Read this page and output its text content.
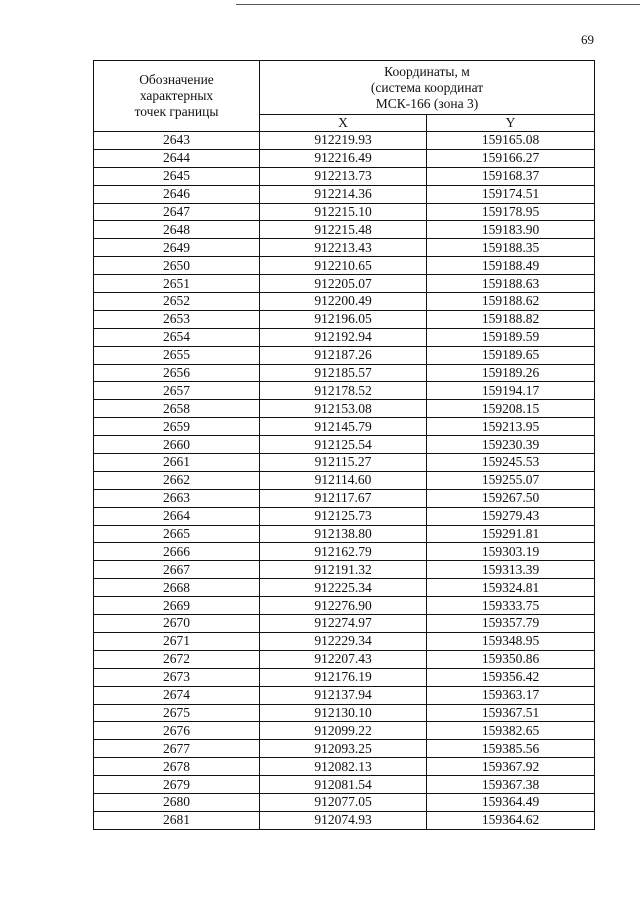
69
Обозначение
характерных
точек границы	Координаты, м
(система координат
МСК-166 (зона 3)	

	X	Y
2643	912219.93	159165.08
2644	912216.49	159166.27
2645	912213.73	159168.37
2646	912214.36	159174.51
2647	912215.10	159178.95
2648	912215.48	159183.90
2649	912213.43	159188.35
2650	912210.65	159188.49
2651	912205.07	159188.63
2652	912200.49	159188.62
2653	912196.05	159188.82
2654	912192.94	159189.59
2655	912187.26	159189.65
2656	912185.57	159189.26
2657	912178.52	159194.17
2658	912153.08	159208.15
2659	912145.79	159213.95
2660	912125.54	159230.39
2661	912115.27	159245.53
2662	912114.60	159255.07
2663	912117.67	159267.50
2664	912125.73	159279.43
2665	912138.80	159291.81
2666	912162.79	159303.19
2667	912191.32	159313.39
2668	912225.34	159324.81
2669	912276.90	159333.75
2670	912274.97	159357.79
2671	912229.34	159348.95
2672	912207.43	159350.86
2673	912176.19	159356.42
2674	912137.94	159363.17
2675	912130.10	159367.51
2676	912099.22	159382.65
2677	912093.25	159385.56
2678	912082.13	159367.92
2679	912081.54	159367.38
2680	912077.05	159364.49
2681	912074.93	159364.62
